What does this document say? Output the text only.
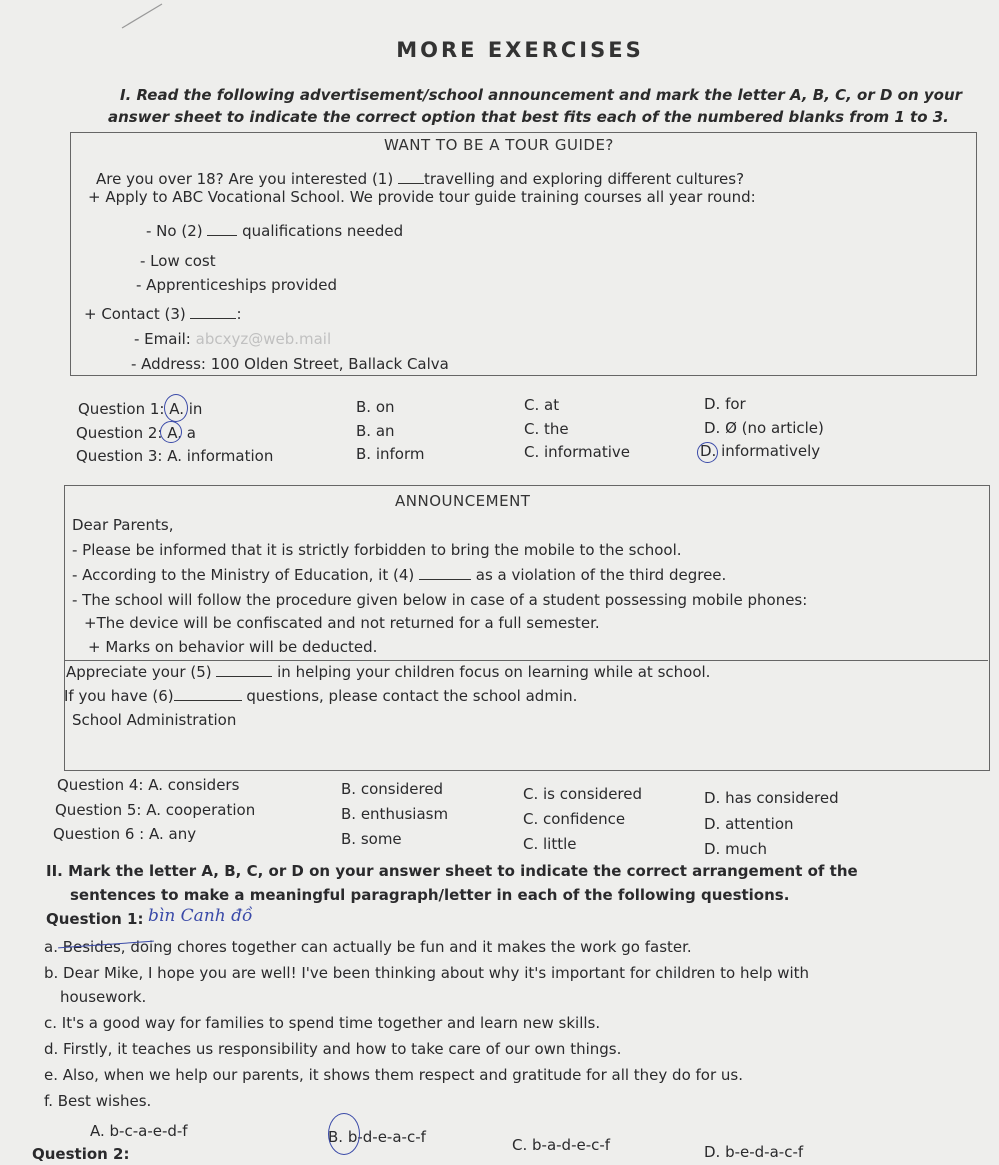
MORE EXERCISES
I. Read the following advertisement/school announcement and mark the letter A, B, C, or D on your
answer sheet to indicate the correct option that best fits each of the numbered blanks from 1 to 3.
WANT TO BE A TOUR GUIDE?
Are you over 18? Are you interested (1) travelling and exploring different cultures?
+ Apply to ABC Vocational School. We provide tour guide training courses all year round:
- No (2)  qualifications needed
- Low cost
- Apprenticeships provided
+ Contact (3)	:
- Email: abcxyz@web.mail
- Address: 100 Olden Street, Ballack Calva
Question 1: A. in	B. on	C. at	D. for
Question 2: A. a	B. an	C. the	D. Ø (no article)
Question 3: A. information	B. inform	C. informative	D. informatively
ANNOUNCEMENT
Dear Parents,
- Please be informed that it is strictly forbidden to bring the mobile to the school.
- According to the Ministry of Education, it (4)	as a violation of the third degree.
- The school will follow the procedure given below in case of a student possessing mobile phones:
+The device will be confiscated and not returned for a full semester.
+ Marks on behavior will be deducted.
Appreciate your (5)	in helping your children focus on learning while at school.
If you have (6)	questions, please contact the school admin.
School Administration
Question 4: A. considers	B. considered	C. is considered	D. has considered
Question 5: A. cooperation	B. enthusiasm	C. confidence	D. attention
Question 6 : A. any	B. some	C. little	D. much
II. Mark the letter A, B, C, or D on your answer sheet to indicate the correct arrangement of the
sentences to make a meaningful paragraph/letter in each of the following questions.
Question 1: bìn Canh đồ
a. Besides, doing chores together can actually be fun and it makes the work go faster.
b. Dear Mike, I hope you are well! I've been thinking about why it's important for children to help with
housework.
c. It's a good way for families to spend time together and learn new skills.
d. Firstly, it teaches us responsibility and how to take care of our own things.
e. Also, when we help our parents, it shows them respect and gratitude for all they do for us.
f. Best wishes.
A. b-c-a-e-d-f	B. b-d-e-a-c-f	C. b-a-d-e-c-f	D. b-e-d-a-c-f
Question 2:
